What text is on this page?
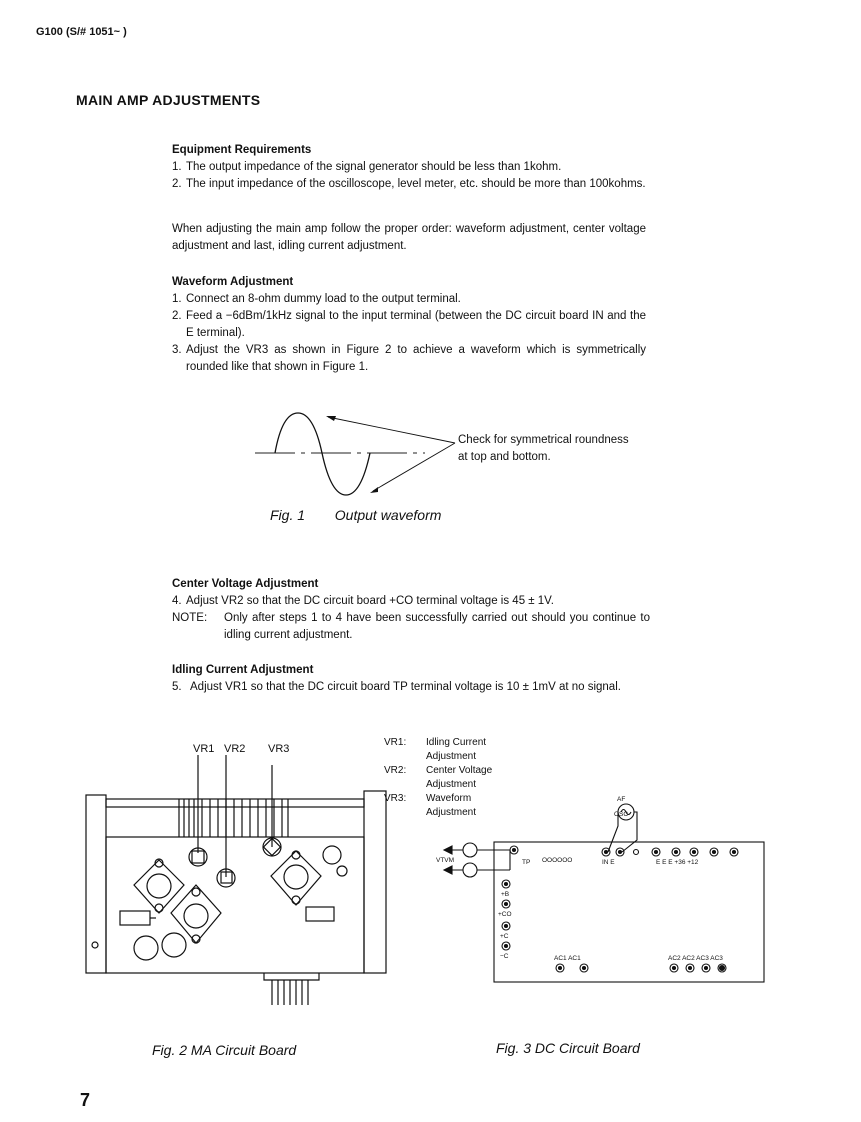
G100 (S/# 1051~ )
MAIN AMP ADJUSTMENTS
Equipment Requirements
1. The output impedance of the signal generator should be less than 1kohm.
2. The input impedance of the oscilloscope, level meter, etc. should be more than 100kohms.
When adjusting the main amp follow the proper order: waveform adjustment, center voltage adjustment and last, idling current adjustment.
Waveform Adjustment
1. Connect an 8-ohm dummy load to the output terminal.
2. Feed a −6dBm/1kHz signal to the input terminal (between the DC circuit board IN and the E terminal).
3. Adjust the VR3 as shown in Figure 2 to achieve a waveform which is symmetrically rounded like that shown in Figure 1.
Check for symmetrical roundness
at top and bottom.
Fig. 1 Output waveform
Center Voltage Adjustment
4. Adjust VR2 so that the DC circuit board +CO terminal voltage is 45 ± 1V.
NOTE:	Only after steps 1 to 4 have been successfully carried out should you continue to idling current adjustment.
Idling Current Adjustment
5. Adjust VR1 so that the DC circuit board TP terminal voltage is 10 ± 1mV at no signal.
VR1 VR2 VR3
VR1:	Idling Current
Adjustment
VR2:	Center Voltage
Adjustment
VR3:	Waveform
Adjustment
AF
OSC
VTVM	TP OOOOOO	IN E	E E E +36 +12
+B
+CO
+C
−C	AC1 AC1	AC2 AC2 AC3 AC3
Fig. 2 MA Circuit Board	Fig. 3 DC Circuit Board
7
